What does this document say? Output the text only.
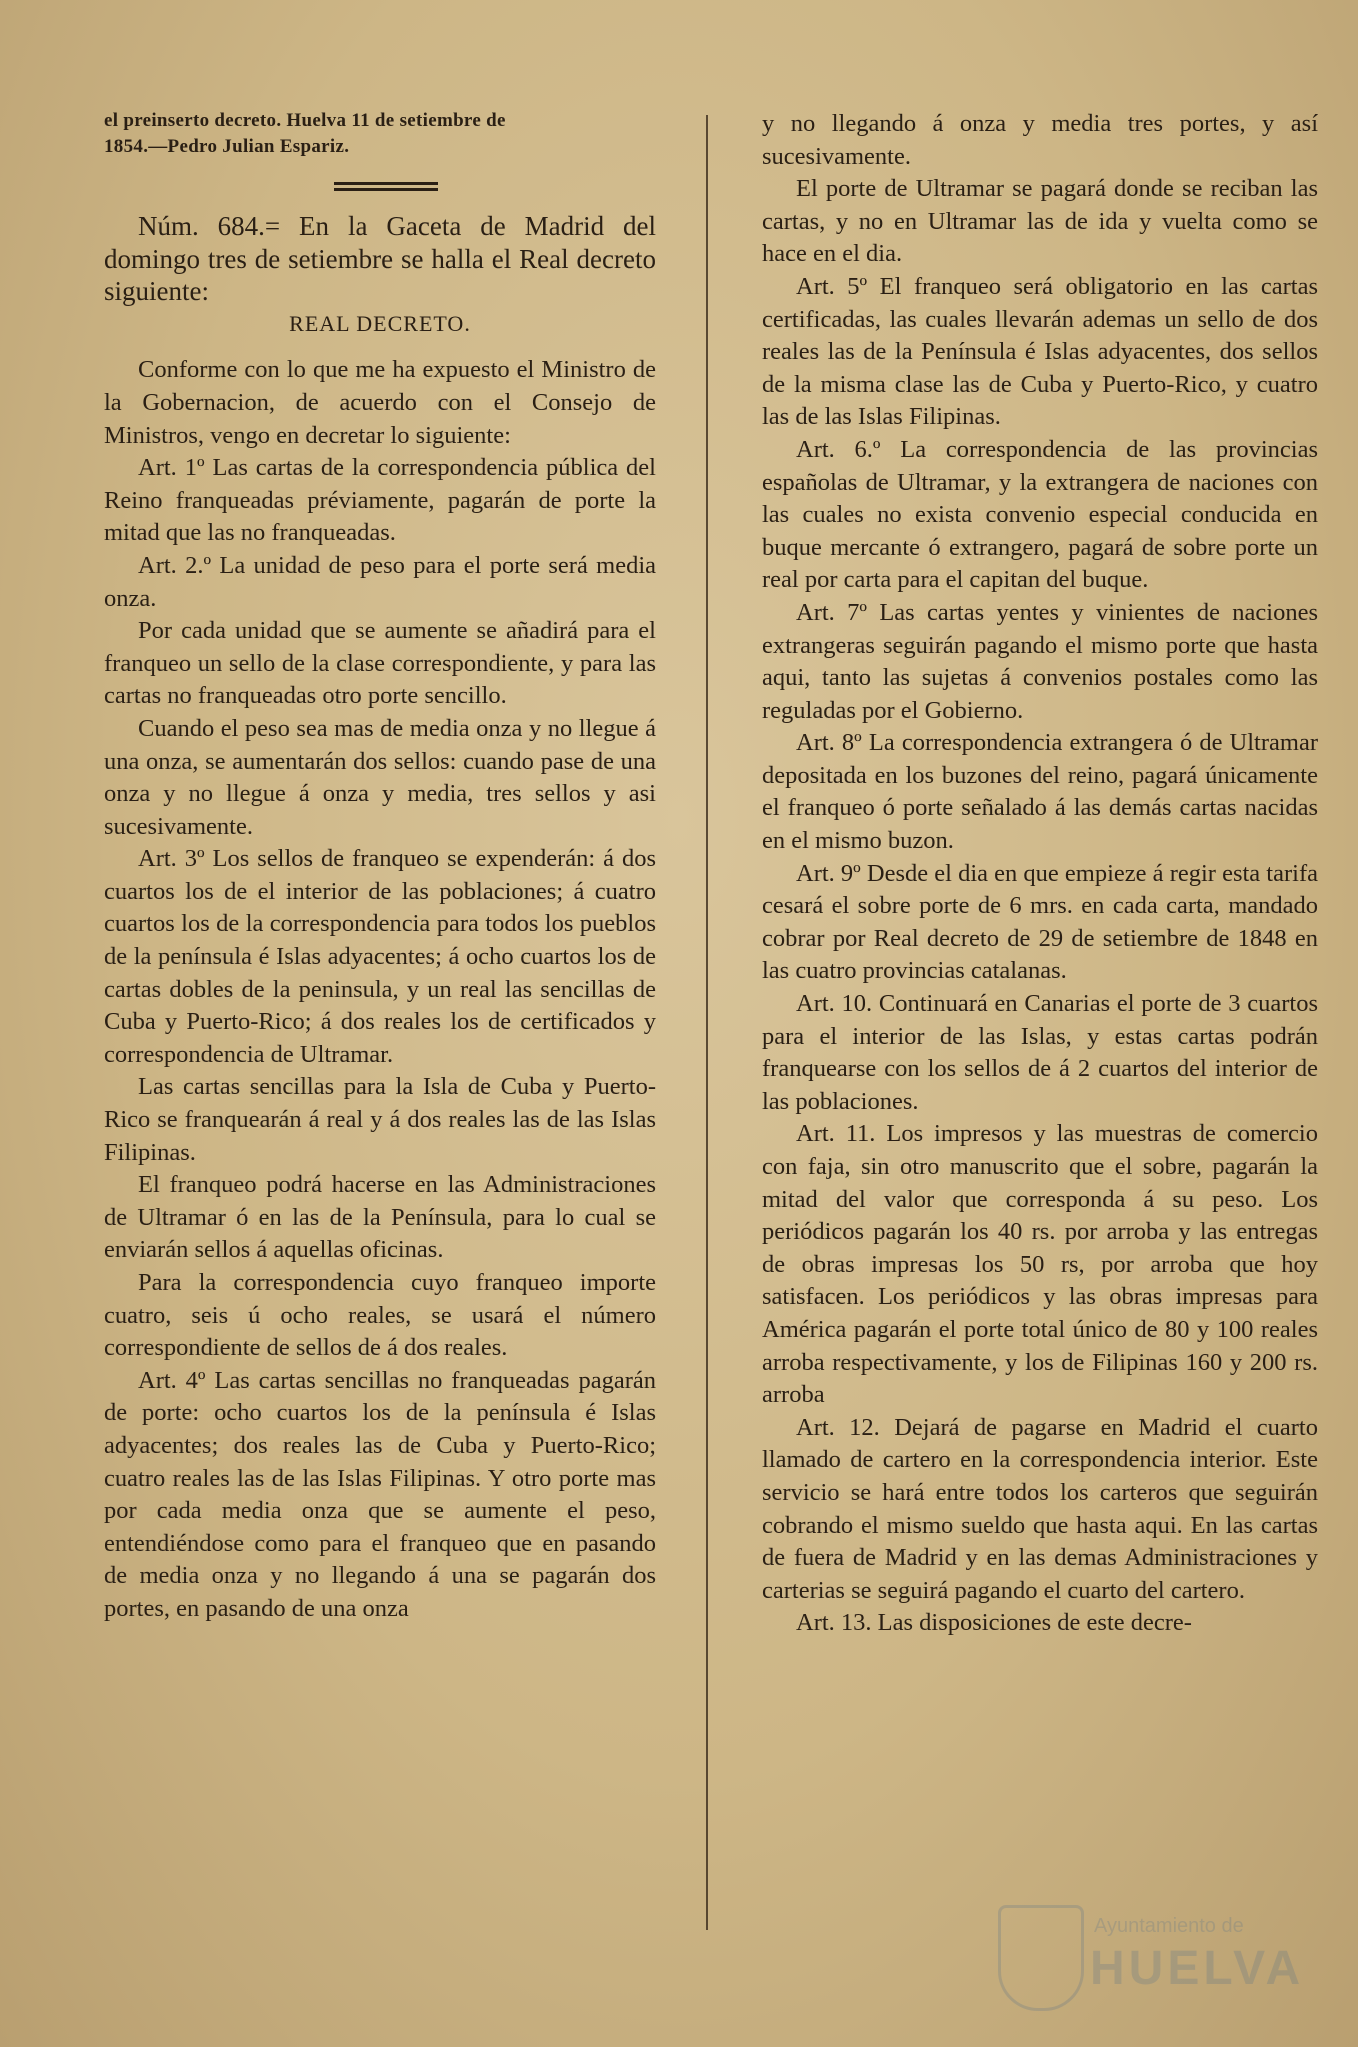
el preinserto decreto. Huelva 11 de setiembre de

1854.—Pedro Julian Espariz.

Núm. 684.= En la Gaceta de Madrid del domingo tres de setiembre se halla el Real decreto siguiente:

REAL DECRETO.

Conforme con lo que me ha expuesto el Ministro de la Gobernacion, de acuerdo con el Consejo de Ministros, vengo en decretar lo siguiente:

Art. 1º Las cartas de la correspondencia pública del Reino franqueadas préviamente, pagarán de porte la mitad que las no franqueadas.

Art. 2.º La unidad de peso para el porte será media onza.

Por cada unidad que se aumente se añadirá para el franqueo un sello de la clase correspondiente, y para las cartas no franqueadas otro porte sencillo.

Cuando el peso sea mas de media onza y no llegue á una onza, se aumentarán dos sellos: cuando pase de una onza y no llegue á onza y media, tres sellos y asi sucesivamente.

Art. 3º Los sellos de franqueo se expenderán: á dos cuartos los de el interior de las poblaciones; á cuatro cuartos los de la correspondencia para todos los pueblos de la península é Islas adyacentes; á ocho cuartos los de cartas dobles de la peninsula, y un real las sencillas de Cuba y Puerto-Rico; á dos reales los de certificados y correspondencia de Ultramar.

Las cartas sencillas para la Isla de Cuba y Puerto-Rico se franquearán á real y á dos reales las de las Islas Filipinas.

El franqueo podrá hacerse en las Administraciones de Ultramar ó en las de la Península, para lo cual se enviarán sellos á aquellas oficinas.

Para la correspondencia cuyo franqueo importe cuatro, seis ú ocho reales, se usará el número correspondiente de sellos de á dos reales.

Art. 4º Las cartas sencillas no franqueadas pagarán de porte: ocho cuartos los de la península é Islas adyacentes; dos reales las de Cuba y Puerto-Rico; cuatro reales las de las Islas Filipinas. Y otro porte mas por cada media onza que se aumente el peso, entendiéndose como para el franqueo que en pasando de media onza y no llegando á una se pagarán dos portes, en pasando de una onza

y no llegando á onza y media tres portes, y así sucesivamente.

El porte de Ultramar se pagará donde se reciban las cartas, y no en Ultramar las de ida y vuelta como se hace en el dia.

Art. 5º El franqueo será obligatorio en las cartas certificadas, las cuales llevarán ademas un sello de dos reales las de la Península é Islas adyacentes, dos sellos de la misma clase las de Cuba y Puerto-Rico, y cuatro las de las Islas Filipinas.

Art. 6.º La correspondencia de las provincias españolas de Ultramar, y la extrangera de naciones con las cuales no exista convenio especial conducida en buque mercante ó extrangero, pagará de sobre porte un real por carta para el capitan del buque.

Art. 7º Las cartas yentes y vinientes de naciones extrangeras seguirán pagando el mismo porte que hasta aqui, tanto las sujetas á convenios postales como las reguladas por el Gobierno.

Art. 8º La correspondencia extrangera ó de Ultramar depositada en los buzones del reino, pagará únicamente el franqueo ó porte señalado á las demás cartas nacidas en el mismo buzon.

Art. 9º Desde el dia en que empieze á regir esta tarifa cesará el sobre porte de 6 mrs. en cada carta, mandado cobrar por Real decreto de 29 de setiembre de 1848 en las cuatro provincias catalanas.

Art. 10. Continuará en Canarias el porte de 3 cuartos para el interior de las Islas, y estas cartas podrán franquearse con los sellos de á 2 cuartos del interior de las poblaciones.

Art. 11. Los impresos y las muestras de comercio con faja, sin otro manuscrito que el sobre, pagarán la mitad del valor que corresponda á su peso. Los periódicos pagarán los 40 rs. por arroba y las entregas de obras impresas los 50 rs, por arroba que hoy satisfacen. Los periódicos y las obras impresas para América pagarán el porte total único de 80 y 100 reales arroba respectivamente, y los de Filipinas 160 y 200 rs. arroba

Art. 12. Dejará de pagarse en Madrid el cuarto llamado de cartero en la correspondencia interior. Este servicio se hará entre todos los carteros que seguirán cobrando el mismo sueldo que hasta aqui. En las cartas de fuera de Madrid y en las demas Administraciones y carterias se seguirá pagando el cuarto del cartero.

Art. 13. Las disposiciones de este decre-

Ayuntamiento de
HUELVA
